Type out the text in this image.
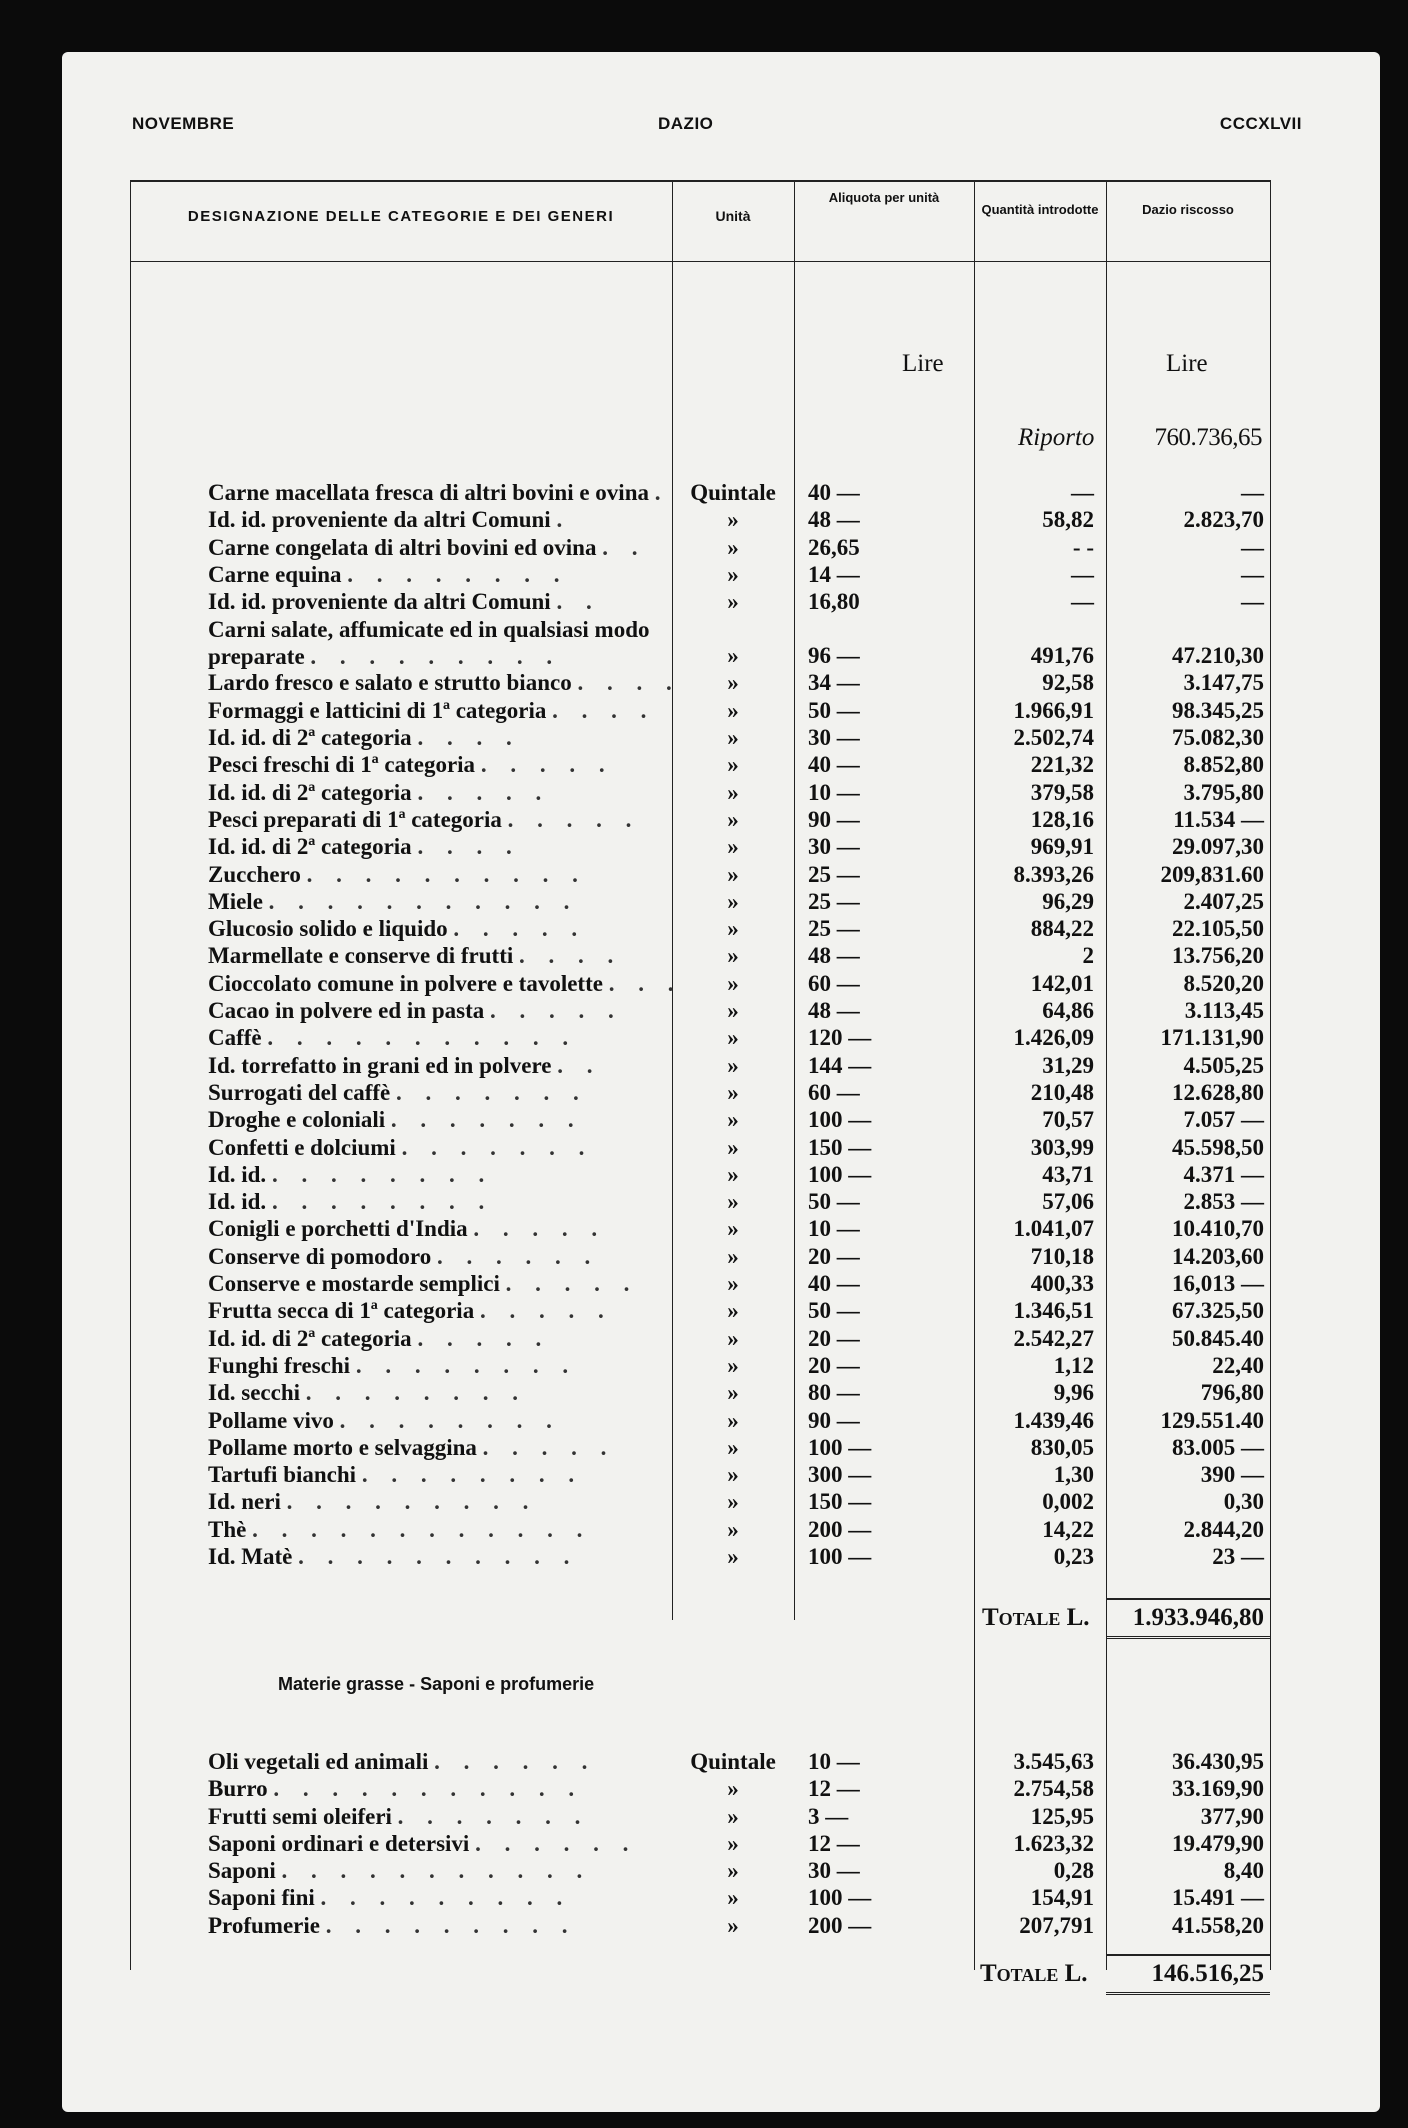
NOVEMBRE	DAZIO	CCCXLVII
DESIGNAZIONE DELLE CATEGORIE E DEI GENERI	Unità
Aliquota per unità
Quantità introdotte	Dazio riscosso
Lire	Lire
Riporto 760.736,65
Carne macellata fresca di altri bovini e ovina . Quintale	40 —	—	—
Id. id. proveniente da altri Comuni .	»	48 —	58,82	2.823,70
Carne congelata di altri bovini ed ovina . .	»	26,65	- -	—
Carne equina . . . . . . . .	»	14 —	—	—
Id. id. proveniente da altri Comuni . .	»	16,80	—	—
Carni salate, affumicate ed in qualsiasi modo preparate . . . . . . . . .	»	96 —	491,76	47.210,30
Lardo fresco e salato e strutto bianco . . . .	»	34 —	92,58	3.147,75
Formaggi e latticini di 1ª categoria . . . .	»	50 —	1.966,91	98.345,25
Id. id. di 2ª categoria . . . .	»	30 —	2.502,74	75.082,30
Pesci freschi di 1ª categoria . . . . .	»	40 —	221,32	8.852,80
Id. id. di 2ª categoria . . . . .	»	10 —	379,58	3.795,80
Pesci preparati di 1ª categoria . . . . .	»	90 —	128,16	11.534 —
Id. id. di 2ª categoria . . . .	»	30 —	969,91	29.097,30
Zucchero . . . . . . . . . .	»	25 —	8.393,26	209,831.60
Miele . . . . . . . . . . .	»	25 —	96,29	2.407,25
Glucosio solido e liquido . . . . .	»	25 —	884,22	22.105,50
Marmellate e conserve di frutti . . . .	»	48 —	2	13.756,20
Cioccolato comune in polvere e tavolette . . .	»	60 —	142,01	8.520,20
Cacao in polvere ed in pasta . . . . .	»	48 —	64,86	3.113,45
Caffè . . . . . . . . . . .	»	120 —	1.426,09	171.131,90
Id. torrefatto in grani ed in polvere . .	»	144 —	31,29	4.505,25
Surrogati del caffè . . . . . . .	»	60 —	210,48	12.628,80
Droghe e coloniali . . . . . . .	»	100 —	70,57	7.057 —
Confetti e dolciumi . . . . . . .	»	150 —	303,99	45.598,50
Id. id. . . . . . . . .	»	100 —	43,71	4.371 —
Id. id. . . . . . . . .	»	50 —	57,06	2.853 —
Conigli e porchetti d'India . . . . .	»	10 —	1.041,07	10.410,70
Conserve di pomodoro . . . . . .	»	20 —	710,18	14.203,60
Conserve e mostarde semplici . . . . .	»	40 —	400,33	16,013 —
Frutta secca di 1ª categoria . . . . .	»	50 —	1.346,51	67.325,50
Id. id. di 2ª categoria . . . . .	»	20 —	2.542,27	50.845.40
Funghi freschi . . . . . . . .	»	20 —	1,12	22,40
Id. secchi . . . . . . . .	»	80 —	9,96	796,80
Pollame vivo . . . . . . . .	»	90 —	1.439,46	129.551.40
Pollame morto e selvaggina . . . . .	»	100 —	830,05	83.005 —
Tartufi bianchi . . . . . . . .	»	300 —	1,30	390 —
Id. neri . . . . . . . . .	»	150 —	0,002	0,30
Thè . . . . . . . . . . . .	»	200 —	14,22	2.844,20
Id. Matè . . . . . . . . . .	»	100 —	0,23	23 —
Totale L.	1.933.946,80
Materie grasse - Saponi e profumerie
Oli vegetali ed animali . . . . . .	Quintale	10 —	3.545,63	36.430,95
Burro . . . . . . . . . . .	»	12 —	2.754,58	33.169,90
Frutti semi oleiferi . . . . . . .	»	3 —	125,95	377,90
Saponi ordinari e detersivi . . . . . .	»	12 —	1.623,32	19.479,90
Saponi . . . . . . . . . . .	»	30 —	0,28	8,40
Saponi fini . . . . . . . . .	»	100 —	154,91	15.491 —
Profumerie . . . . . . . . .	»	200 —	207,791	41.558,20
Totale L.	146.516,25
